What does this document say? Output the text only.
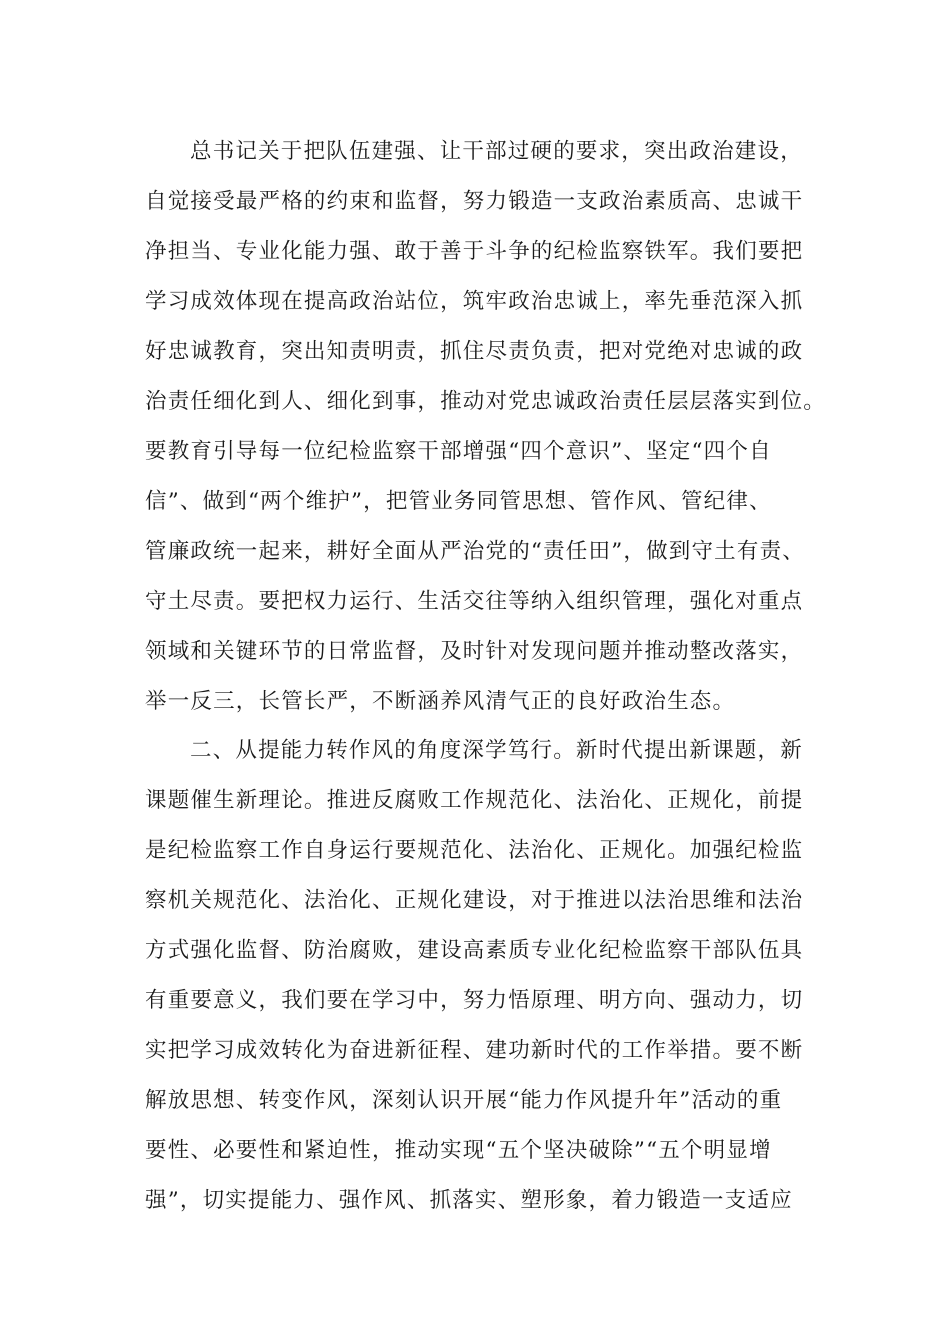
总书记关于把队伍建强、让干部过硬的要求，突出政治建设，
自觉接受最严格的约束和监督，努力锻造一支政治素质高、忠诚干
净担当、专业化能力强、敢于善于斗争的纪检监察铁军。我们要把
学习成效体现在提高政治站位，筑牢政治忠诚上，率先垂范深入抓
好忠诚教育，突出知责明责，抓住尽责负责，把对党绝对忠诚的政
治责任细化到人、细化到事，推动对党忠诚政治责任层层落实到位。
要教育引导每一位纪检监察干部增强“四个意识”、坚定“四个自
信”、做到“两个维护”，把管业务同管思想、管作风、管纪律、
管廉政统一起来，耕好全面从严治党的“责任田”，做到守土有责、
守土尽责。要把权力运行、生活交往等纳入组织管理，强化对重点
领域和关键环节的日常监督，及时针对发现问题并推动整改落实，
举一反三，长管长严，不断涵养风清气正的良好政治生态。
二、从提能力转作风的角度深学笃行。新时代提出新课题，新
课题催生新理论。推进反腐败工作规范化、法治化、正规化，前提
是纪检监察工作自身运行要规范化、法治化、正规化。加强纪检监
察机关规范化、法治化、正规化建设，对于推进以法治思维和法治
方式强化监督、防治腐败，建设高素质专业化纪检监察干部队伍具
有重要意义，我们要在学习中，努力悟原理、明方向、强动力，切
实把学习成效转化为奋进新征程、建功新时代的工作举措。要不断
解放思想、转变作风，深刻认识开展“能力作风提升年”活动的重
要性、必要性和紧迫性，推动实现“五个坚决破除”“五个明显增
强”，切实提能力、强作风、抓落实、塑形象，着力锻造一支适应
